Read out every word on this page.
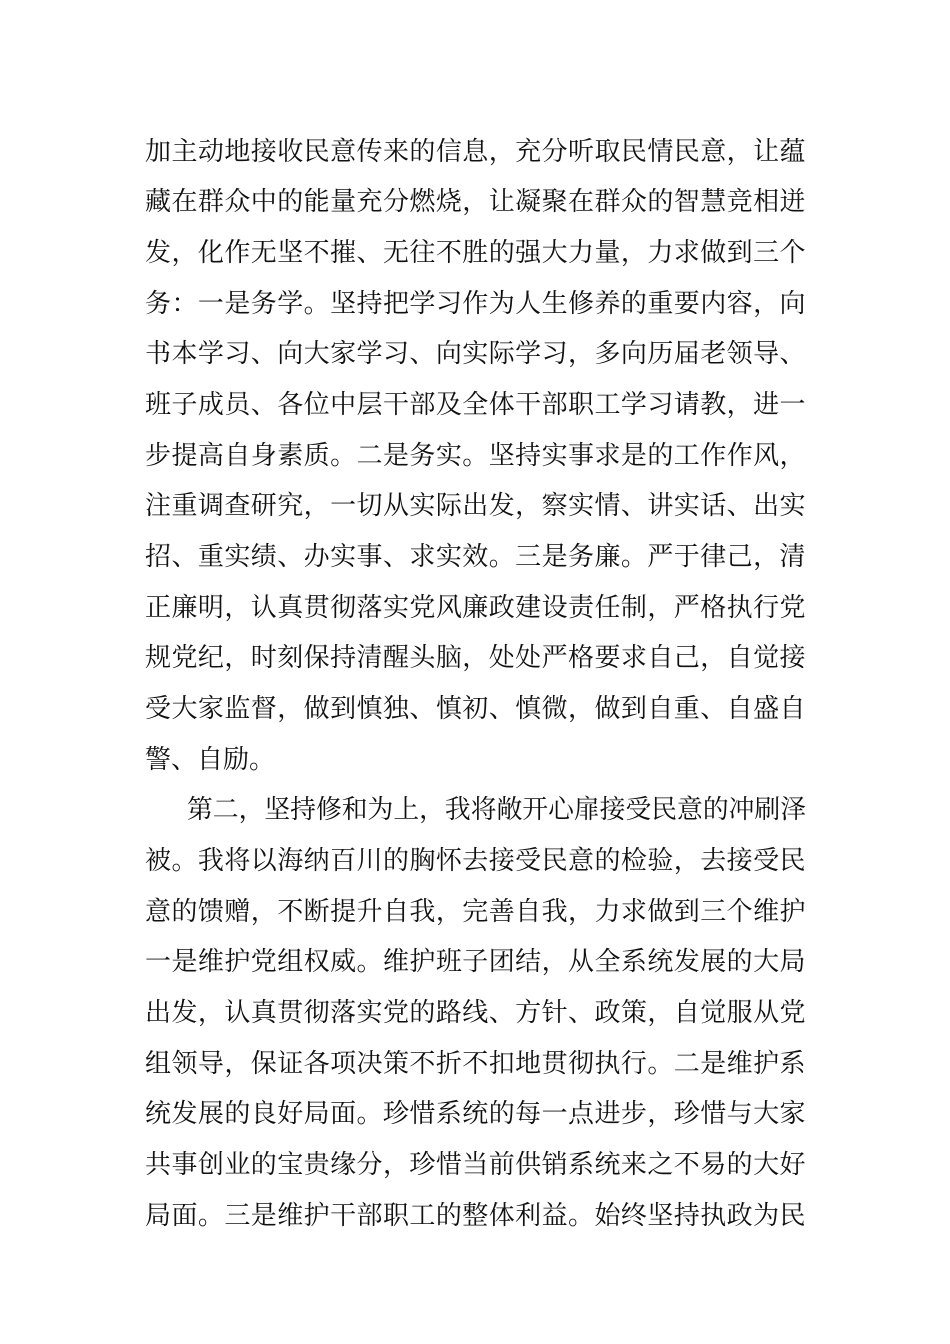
加主动地接收民意传来的信息，充分听取民情民意，让蕴
藏在群众中的能量充分燃烧，让凝聚在群众的智慧竞相迸
发，化作无坚不摧、无往不胜的强大力量，力求做到三个
务：一是务学。坚持把学习作为人生修养的重要内容，向
书本学习、向大家学习、向实际学习，多向历届老领导、
班子成员、各位中层干部及全体干部职工学习请教，进一
步提高自身素质。二是务实。坚持实事求是的工作作风，
注重调查研究，一切从实际出发，察实情、讲实话、出实
招、重实绩、办实事、求实效。三是务廉。严于律己，清
正廉明，认真贯彻落实党风廉政建设责任制，严格执行党
规党纪，时刻保持清醒头脑，处处严格要求自己，自觉接
受大家监督，做到慎独、慎初、慎微，做到自重、自盛自
警、自励。
第二，坚持修和为上，我将敞开心扉接受民意的冲刷泽
被。我将以海纳百川的胸怀去接受民意的检验，去接受民
意的馈赠，不断提升自我，完善自我，力求做到三个维护
一是维护党组权威。维护班子团结，从全系统发展的大局
出发，认真贯彻落实党的路线、方针、政策，自觉服从党
组领导，保证各项决策不折不扣地贯彻执行。二是维护系
统发展的良好局面。珍惜系统的每一点进步，珍惜与大家
共事创业的宝贵缘分，珍惜当前供销系统来之不易的大好
局面。三是维护干部职工的整体利益。始终坚持执政为民
